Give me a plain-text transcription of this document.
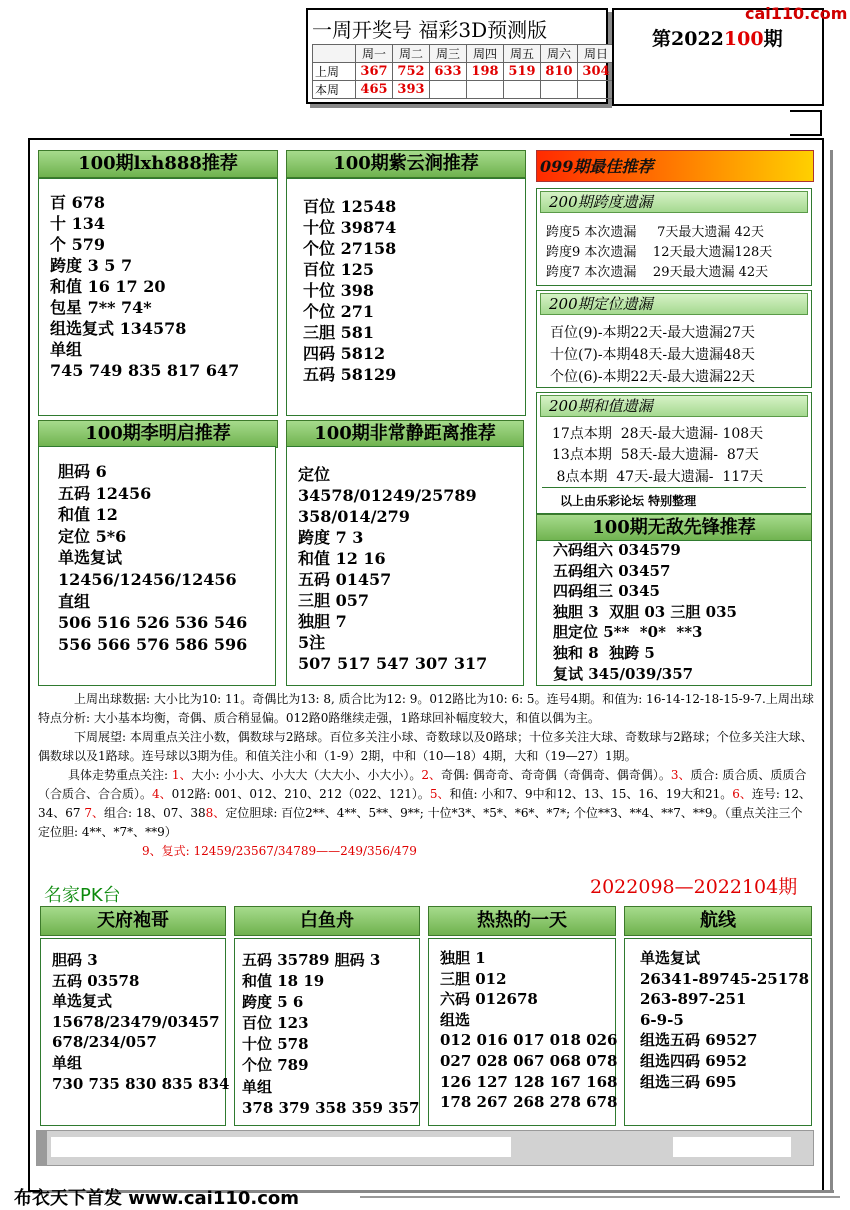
一周开奖号 福彩3D预测版
	周一	周二	周三	周四	周五	周六	周日
上周	367	752	633	198	519	810	304
本周	465	393					
第2022100期
cai110.com
100期lxh888推荐
百 678
十 134
个 579
跨度 3 5 7
和值 16 17 20
包星 7** 74*
组选复式 134578
单组
745 749 835 817 647
100期紫云涧推荐
百位 12548
十位 39874
个位 27158
百位 125
十位 398
个位 271
三胆 581
四码 5812
五码 58129
100期李明启推荐
胆码 6
五码 12456
和值 12
定位 5*6
单选复试
12456/12456/12456
直组
506 516 526 536 546
556 566 576 586 596
100期非常静距离推荐
定位
34578/01249/25789
358/014/279
跨度 7 3
和值 12 16
五码 01457
三胆 057
独胆 7
5注
507 517 547 307 317
099期最佳推荐
200期跨度遗漏
跨度5 本次遗漏     7天最大遗漏 42天
跨度9 本次遗漏    12天最大遗漏128天
跨度7 本次遗漏    29天最大遗漏 42天
200期定位遗漏
百位(9)-本期22天-最大遗漏27天
十位(7)-本期48天-最大遗漏48天
个位(6)-本期22天-最大遗漏22天
200期和值遗漏
17点本期  28天-最大遗漏- 108天
13点本期  58天-最大遗漏-  87天
8点本期  47天-最大遗漏-  117天
以上由乐彩论坛 特别整理
100期无敌先锋推荐
六码组六 034579
五码组六 03457
四码组三 0345
独胆 3  双胆 03 三胆 035
胆定位 5**  *0*  **3
独和 8  独跨 5
复试 345/039/357

上周出球数据: 大小比为10: 11。奇偶比为13: 8, 质合比为12: 9。012路比为10: 6: 5。连号4期。和值为: 16-14-12-18-15-9-7.上周出球特点分析: 大小基本均衡，奇偶、质合稍显偏。012路0路继续走强，1路球回补幅度较大，和值以偶为主。

下周展望: 本周重点关注小数，偶数球与2路球。百位多关注小球、奇数球以及0路球；十位多关注大球、奇数球与2路球；个位多关注大球、偶数球以及1路球。连号球以3期为佳。和值关注小和（1-9）2期，中和（10—18）4期，大和（19—27）1期。

具体走势重点关注: 1、大小: 小小大、小大大（大大小、小大小）。2、奇偶: 偶奇奇、奇奇偶（奇偶奇、偶奇偶）。3、质合: 质合质、质质合（合质合、合合质）。4、012路: 001、012、210、212（022、121）。5、和值: 小和7、9中和12、13、15、16、19大和21。6、连号: 12、34、67 7、组合: 18、07、388、定位胆球: 百位2**、4**、5**、9**; 十位*3*、*5*、*6*、*7*; 个位**3、**4、**7、**9。（重点关注三个定位胆: 4**、*7*、**9）

9、复式: 12459/23567/34789——249/356/479

名家PK台	2022098—2022104期
天府袍哥
胆码 3
五码 03578
单选复式
15678/23479/03457
678/234/057
单组
730 735 830 835 834
白鱼舟
五码 35789 胆码 3
和值 18 19
跨度 5 6
百位 123
十位 578
个位 789
单组
378 379 358 359 357
热热的一天
独胆 1
三胆 012
六码 012678
组选
012 016 017 018 026
027 028 067 068 078
126 127 128 167 168
178 267 268 278 678
航线
单选复试
26341-89745-25178
263-897-251
6-9-5
组选五码 69527
组选四码 6952
组选三码 695
布衣天下首发 www.cai110.com
